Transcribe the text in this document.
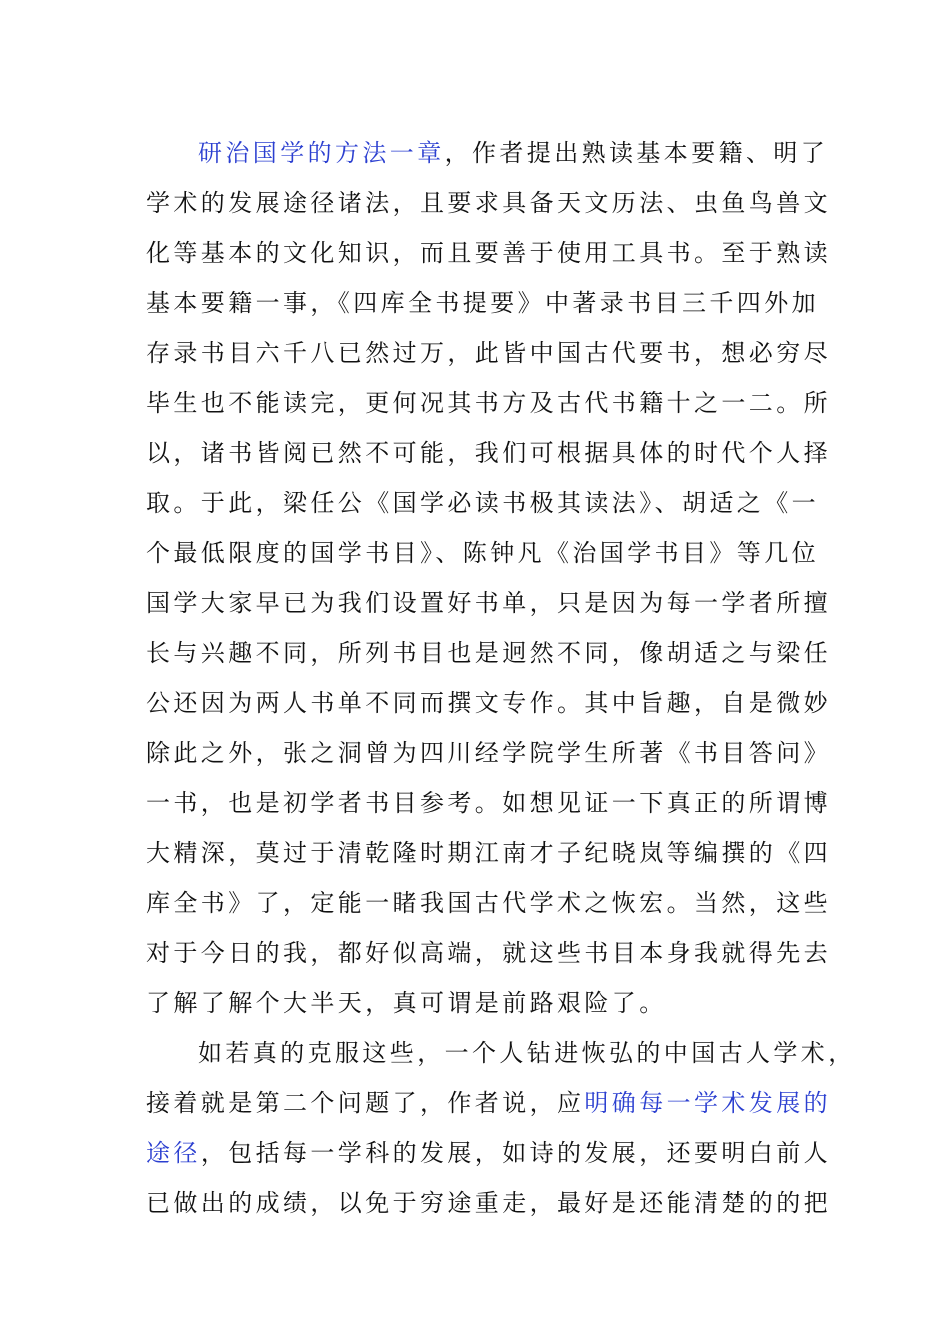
研治国学的方法一章，作者提出熟读基本要籍、明了
学术的发展途径诸法，且要求具备天文历法、虫鱼鸟兽文
化等基本的文化知识，而且要善于使用工具书。至于熟读
基本要籍一事，《四库全书提要》中著录书目三千四外加
存录书目六千八已然过万，此皆中国古代要书，想必穷尽
毕生也不能读完，更何况其书方及古代书籍十之一二。所
以，诸书皆阅已然不可能，我们可根据具体的时代个人择
取。于此，梁任公《国学必读书极其读法》、胡适之《一
个最低限度的国学书目》、陈钟凡《治国学书目》等几位
国学大家早已为我们设置好书单，只是因为每一学者所擅
长与兴趣不同，所列书目也是迥然不同，像胡适之与梁任
公还因为两人书单不同而撰文专作。其中旨趣，自是微妙
除此之外，张之洞曾为四川经学院学生所著《书目答问》
一书，也是初学者书目参考。如想见证一下真正的所谓博
大精深，莫过于清乾隆时期江南才子纪晓岚等编撰的《四
库全书》了，定能一睹我国古代学术之恢宏。当然，这些
对于今日的我，都好似高端，就这些书目本身我就得先去
了解了解个大半天，真可谓是前路艰险了。
如若真的克服这些，一个人钻进恢弘的中国古人学术，
接着就是第二个问题了，作者说，应明确每一学术发展的
途径，包括每一学科的发展，如诗的发展，还要明白前人
已做出的成绩，以免于穷途重走，最好是还能清楚的的把
